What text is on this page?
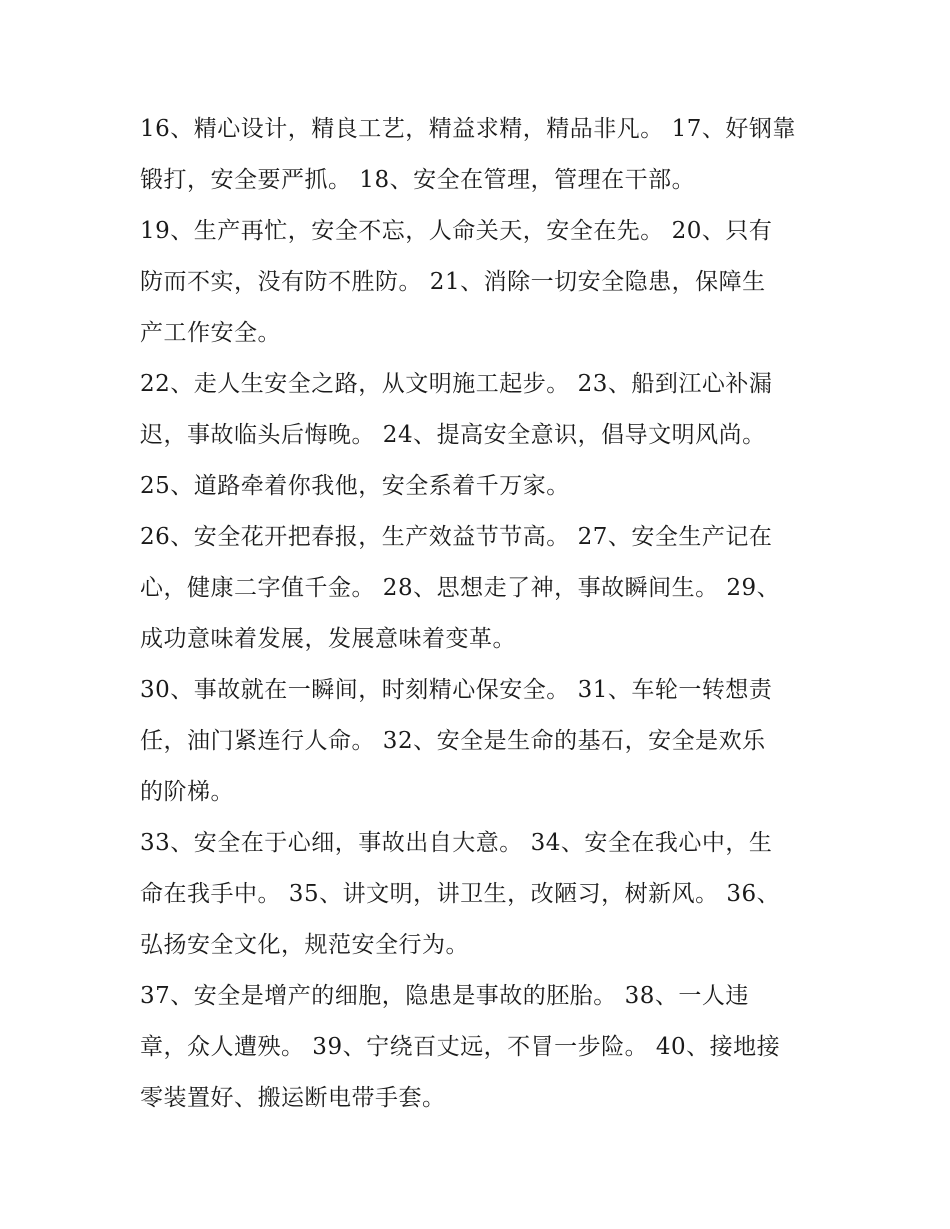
16、精心设计，精良工艺，精益求精，精品非凡。 17、好钢靠
锻打，安全要严抓。 18、安全在管理，管理在干部。
19、生产再忙，安全不忘，人命关天，安全在先。 20、只有
防而不实，没有防不胜防。 21、消除一切安全隐患，保障生
产工作安全。
22、走人生安全之路，从文明施工起步。 23、船到江心补漏
迟，事故临头后悔晚。 24、提高安全意识，倡导文明风尚。
25、道路牵着你我他，安全系着千万家。
26、安全花开把春报，生产效益节节高。 27、安全生产记在
心，健康二字值千金。 28、思想走了神，事故瞬间生。 29、
成功意味着发展，发展意味着变革。
30、事故就在一瞬间，时刻精心保安全。 31、车轮一转想责
任，油门紧连行人命。 32、安全是生命的基石，安全是欢乐
的阶梯。
33、安全在于心细，事故出自大意。 34、安全在我心中，生
命在我手中。 35、讲文明，讲卫生，改陋习，树新风。 36、
弘扬安全文化，规范安全行为。
37、安全是增产的细胞，隐患是事故的胚胎。 38、一人违
章，众人遭殃。 39、宁绕百丈远，不冒一步险。 40、接地接
零装置好、搬运断电带手套。
